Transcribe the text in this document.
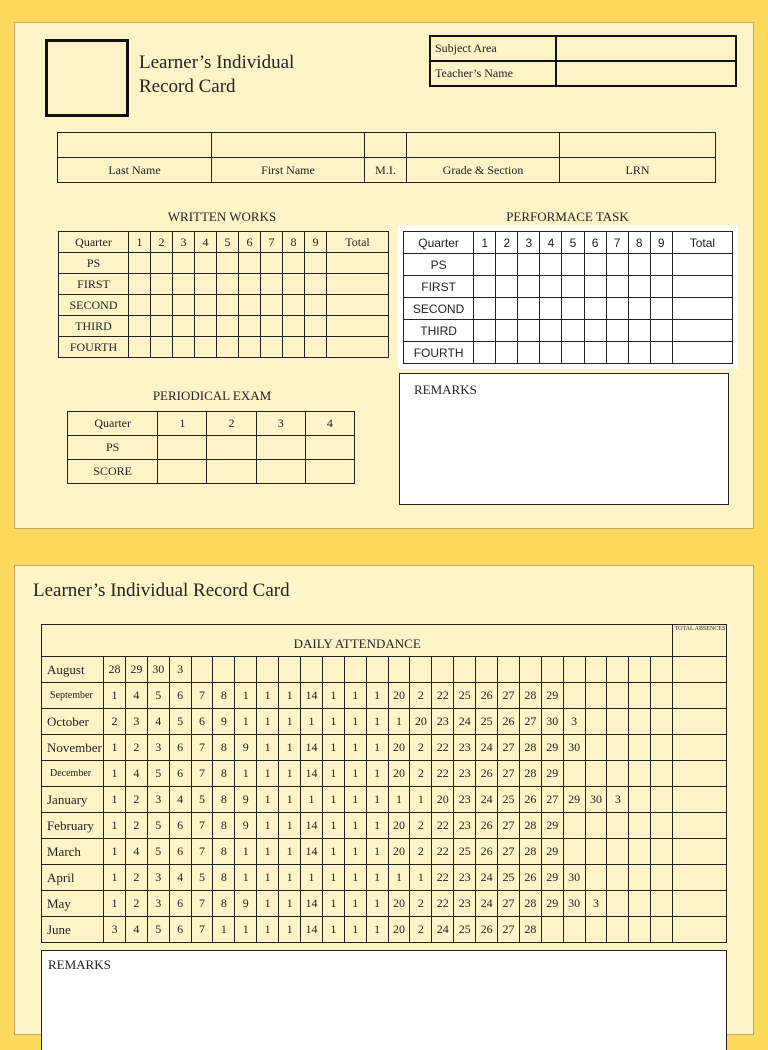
Learner’s Individual
Record Card
Subject Area	
Teacher’s Name	

Last Name	First Name	M.I.	Grade & Section	LRN
WRITTEN WORKS
Quarter	1	2	3	4	5	6	7	8	9	Total
PS										
FIRST										
SECOND										
THIRD										
FOURTH										
PERFORMACE TASK
Quarter	1	2	3	4	5	6	7	8	9	Total
PS										
FIRST										
SECOND										
THIRD										
FOURTH										
PERIODICAL EXAM
Quarter	1	2	3	4
PS				
SCORE				
REMARKS
Learner’s Individual Record Card
DAILY ATTENDANCE																											TOTAL ABSENCES
August	28	29	30	3																							
September	1	4	5	6	7	8	1	1	1	14	1	1	1	20	2	22	25	26	27	28	29						
October	2	3	4	5	6	9	1	1	1	1	1	1	1	1	20	23	24	25	26	27	30	3					
November	1	2	3	6	7	8	9	1	1	14	1	1	1	20	2	22	23	24	27	28	29	30					
December	1	4	5	6	7	8	1	1	1	14	1	1	1	20	2	22	23	26	27	28	29						
January	1	2	3	4	5	8	9	1	1	1	1	1	1	1	1	20	23	24	25	26	27	29	30	3			
February	1	2	5	6	7	8	9	1	1	14	1	1	1	20	2	22	23	26	27	28	29						
March	1	4	5	6	7	8	1	1	1	14	1	1	1	20	2	22	25	26	27	28	29						
April	1	2	3	4	5	8	1	1	1	1	1	1	1	1	1	22	23	24	25	26	29	30					
May	1	2	3	6	7	8	9	1	1	14	1	1	1	20	2	22	23	24	27	28	29	30	3				
June	3	4	5	6	7	1	1	1	1	14	1	1	1	20	2	24	25	26	27	28							
REMARKS
